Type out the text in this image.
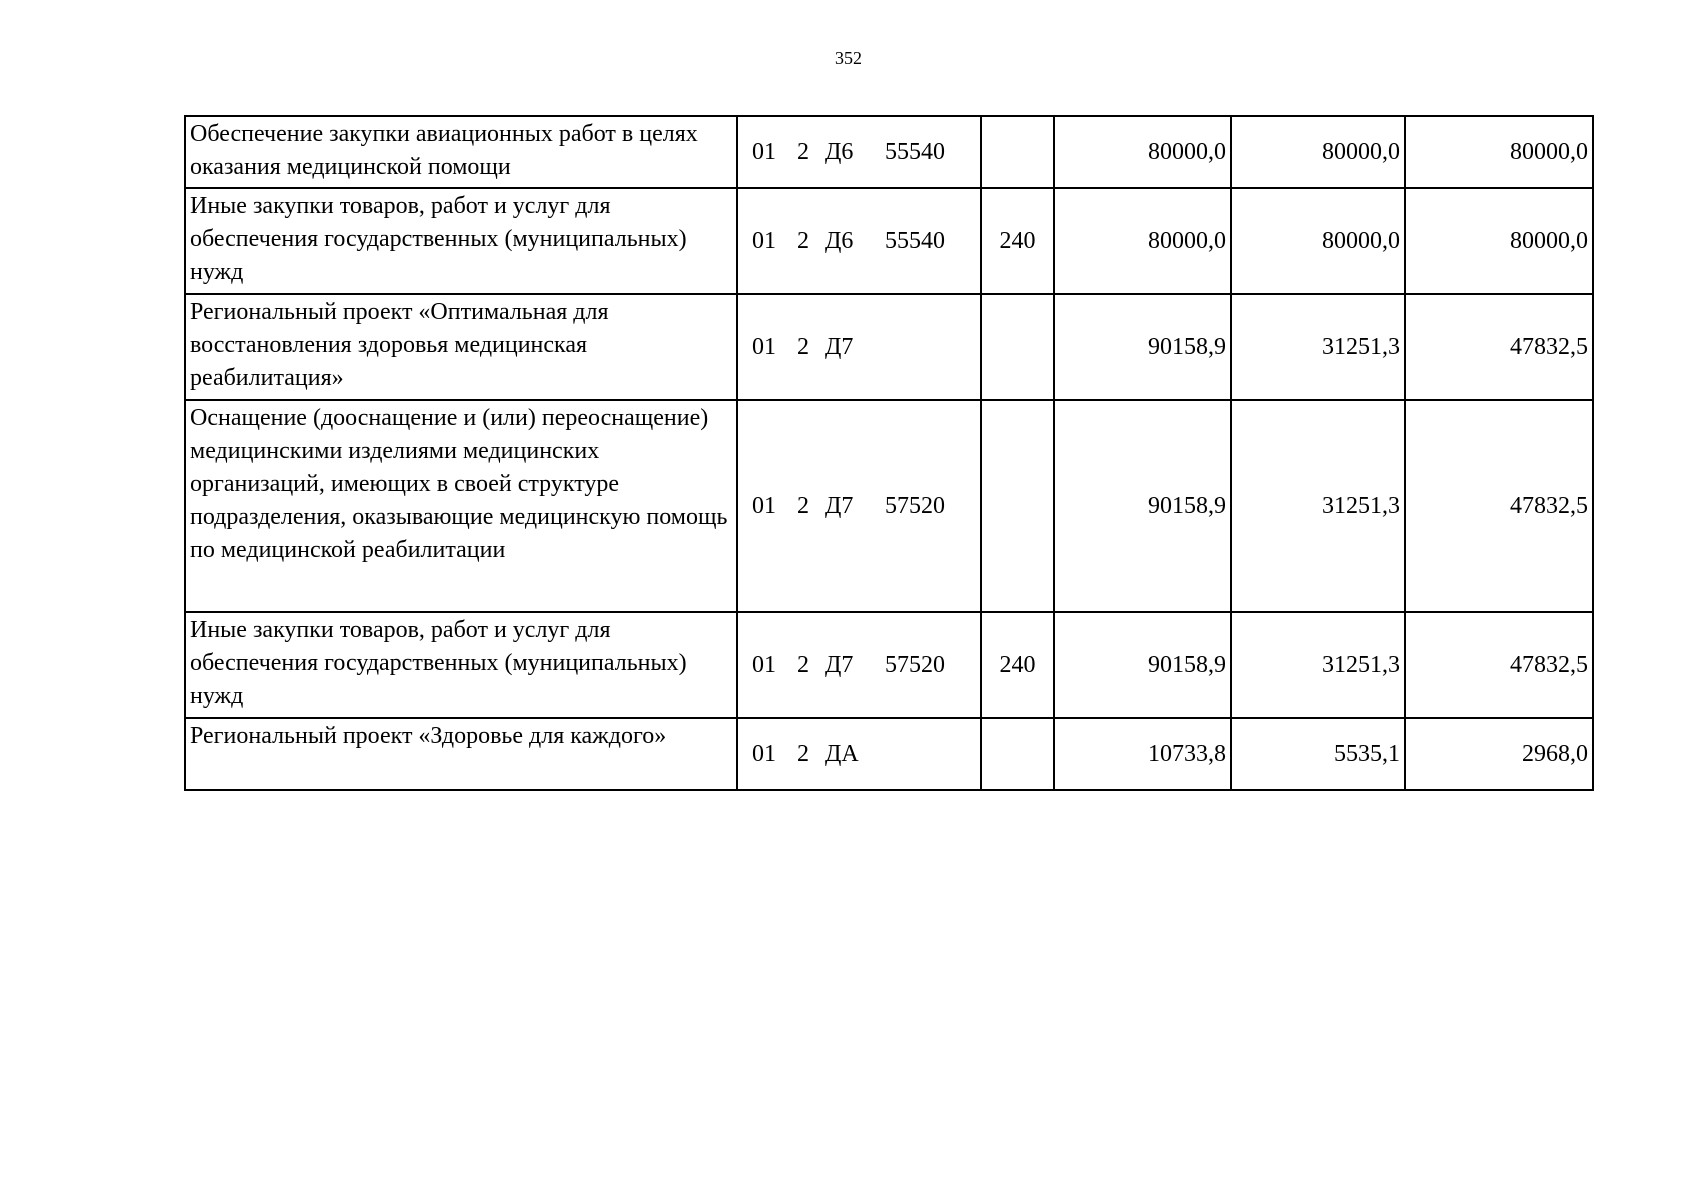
352
Обеспечение закупки авиационных работ в целях оказания медицинской помощи	01 2 Д6 55540		80000,0	80000,0	80000,0
Иные закупки товаров, работ и услуг для обеспечения государственных (муниципальных) нужд	01 2 Д6 55540	240	80000,0	80000,0	80000,0
Региональный проект «Оптимальная для восстановления здоровья медицинская реабилитация»	01 2 Д7		90158,9	31251,3	47832,5
Оснащение (дооснащение и (или) переоснащение) медицинскими изделиями медицинских организаций, имеющих в своей структуре подразделения, оказывающие медицинскую помощь по медицинской реабилитации	01 2 Д7 57520		90158,9	31251,3	47832,5
Иные закупки товаров, работ и услуг для обеспечения государственных (муниципальных) нужд	01 2 Д7 57520	240	90158,9	31251,3	47832,5
Региональный проект «Здоровье для каждого»	01 2 ДА		10733,8	5535,1	2968,0
